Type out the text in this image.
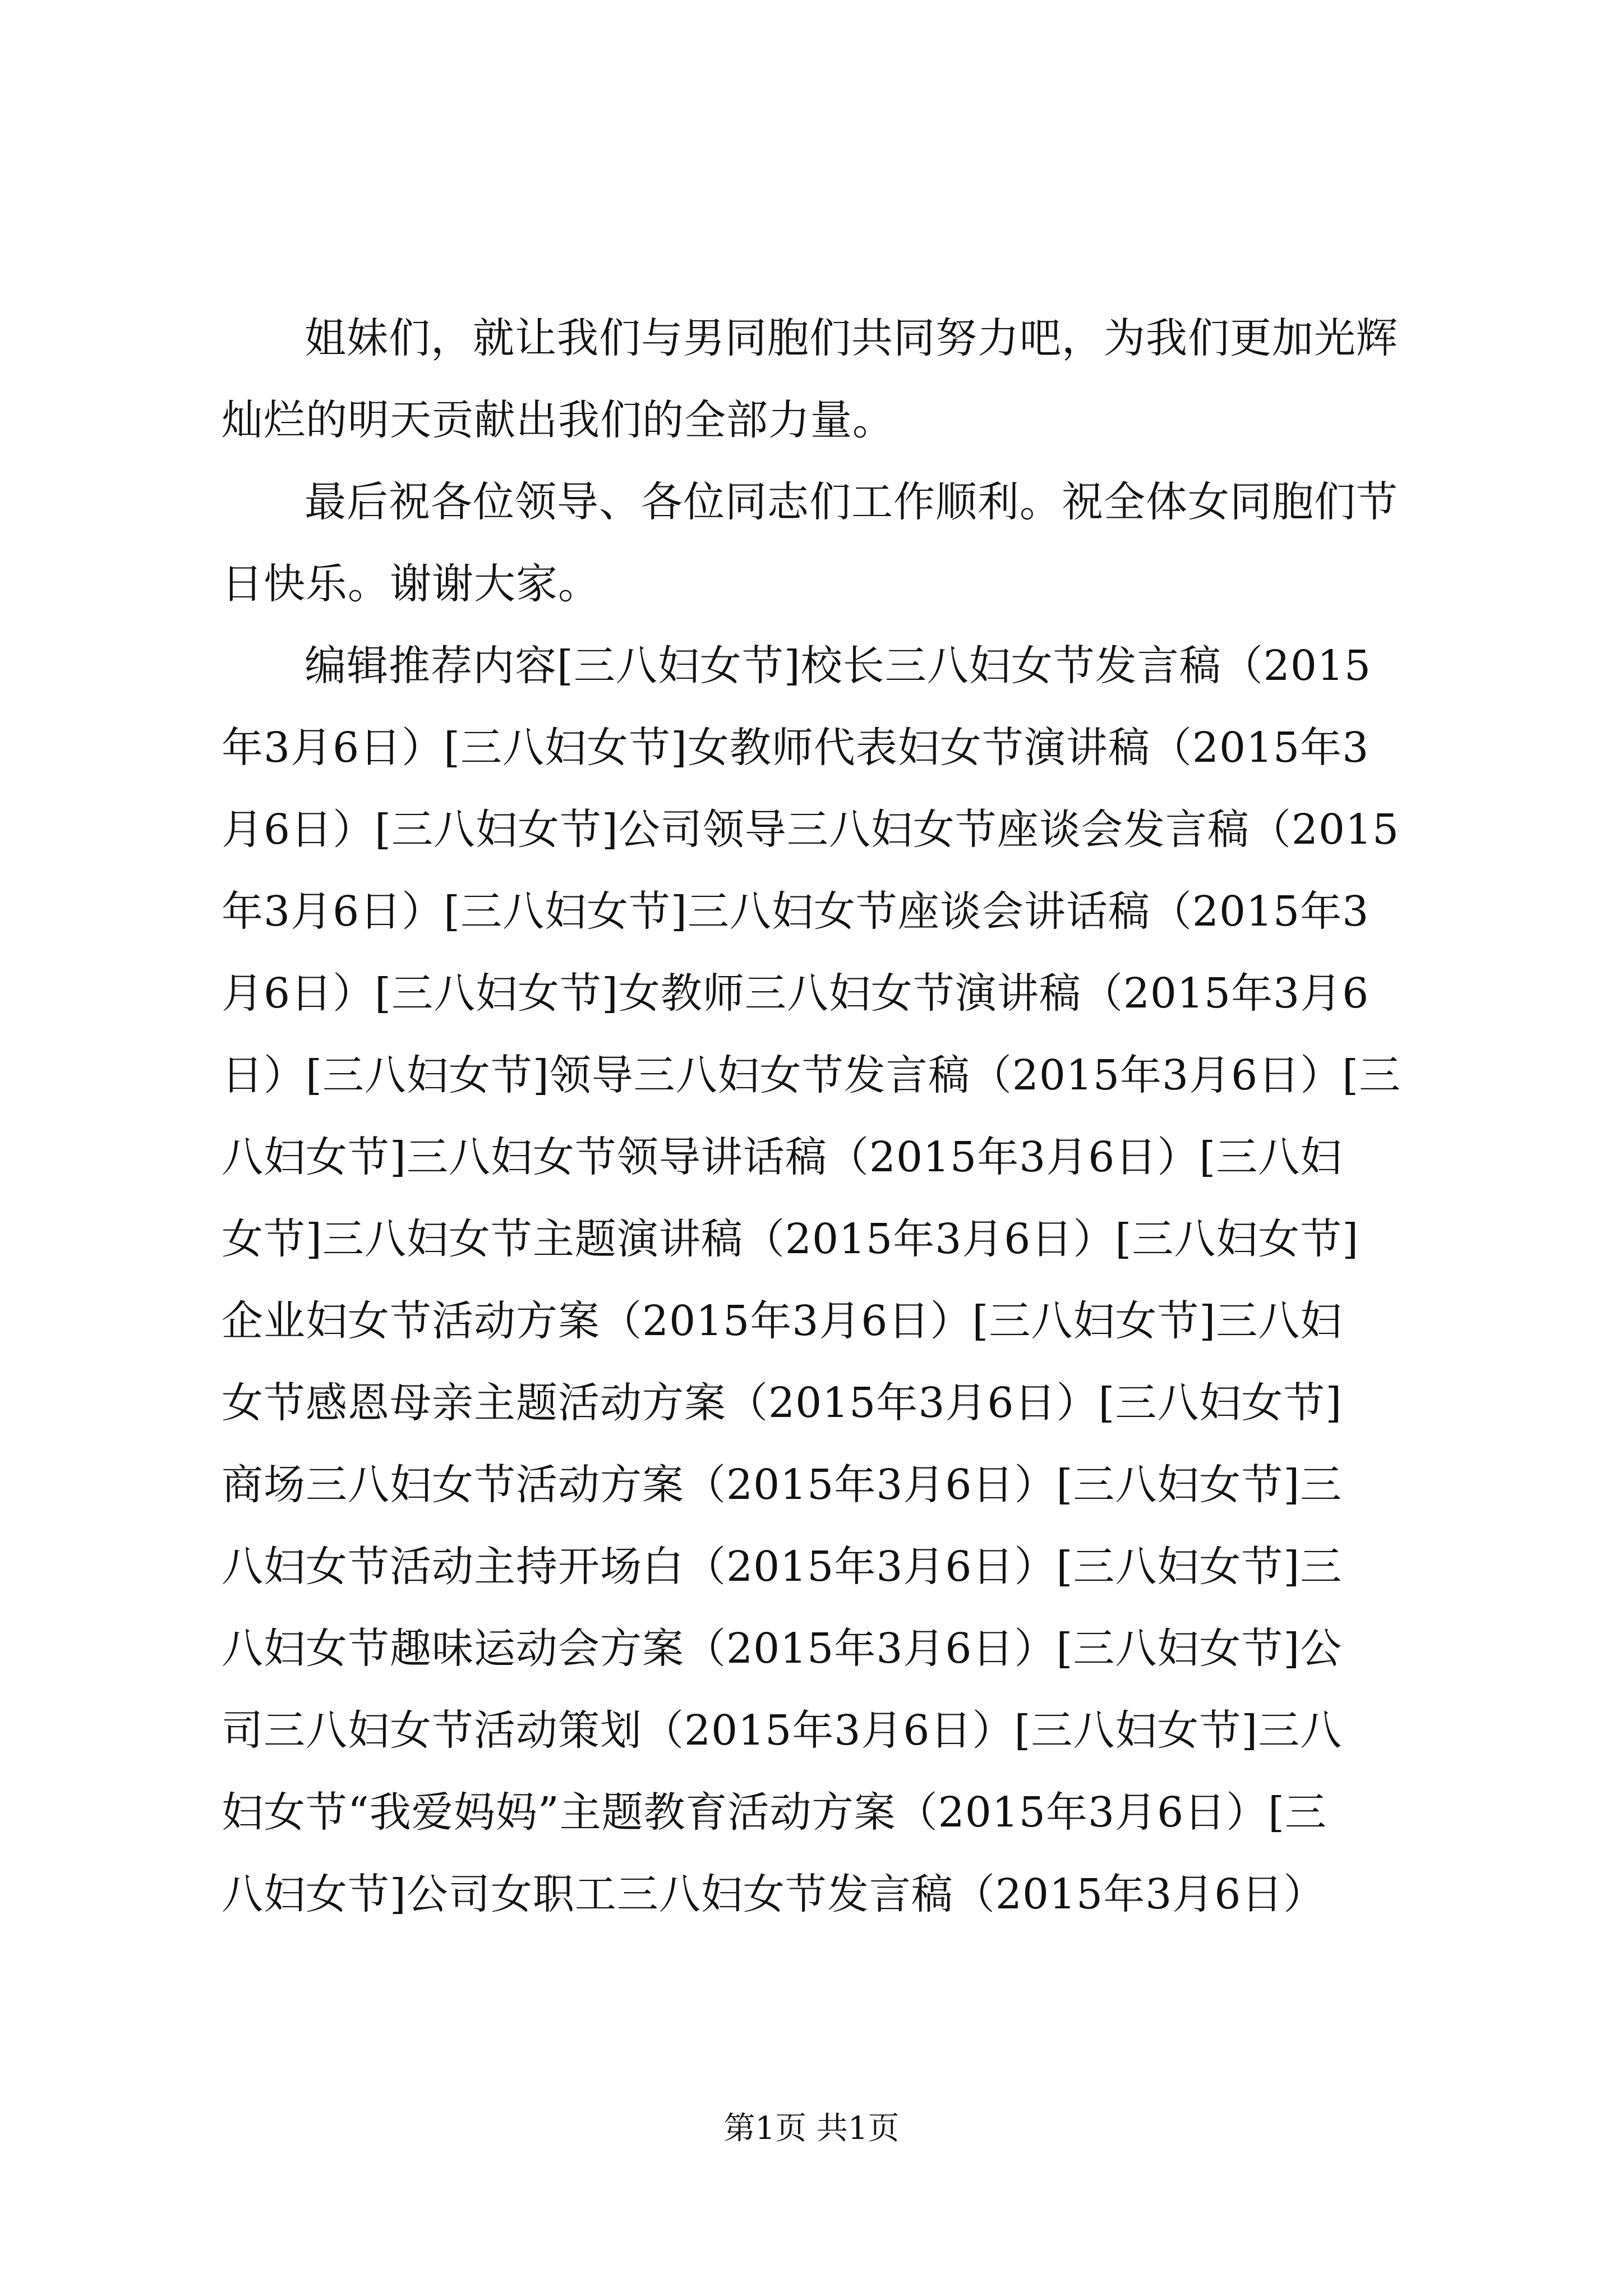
姐妹们，就让我们与男同胞们共同努力吧，为我们更加光辉
灿烂的明天贡献出我们的全部力量。
最后祝各位领导、各位同志们工作顺利。祝全体女同胞们节
日快乐。谢谢大家。
编辑推荐内容[三八妇女节]校长三八妇女节发言稿（2015
年3月6日）[三八妇女节]女教师代表妇女节演讲稿（2015年3
月6日）[三八妇女节]公司领导三八妇女节座谈会发言稿（2015
年3月6日）[三八妇女节]三八妇女节座谈会讲话稿（2015年3
月6日）[三八妇女节]女教师三八妇女节演讲稿（2015年3月6
日）[三八妇女节]领导三八妇女节发言稿（2015年3月6日）[三
八妇女节]三八妇女节领导讲话稿（2015年3月6日）[三八妇
女节]三八妇女节主题演讲稿（2015年3月6日）[三八妇女节]
企业妇女节活动方案（2015年3月6日）[三八妇女节]三八妇
女节感恩母亲主题活动方案（2015年3月6日）[三八妇女节]
商场三八妇女节活动方案（2015年3月6日）[三八妇女节]三
八妇女节活动主持开场白（2015年3月6日）[三八妇女节]三
八妇女节趣味运动会方案（2015年3月6日）[三八妇女节]公
司三八妇女节活动策划（2015年3月6日）[三八妇女节]三八
妇女节“我爱妈妈”主题教育活动方案（2015年3月6日）[三
八妇女节]公司女职工三八妇女节发言稿（2015年3月6日）
第1页 共1页
